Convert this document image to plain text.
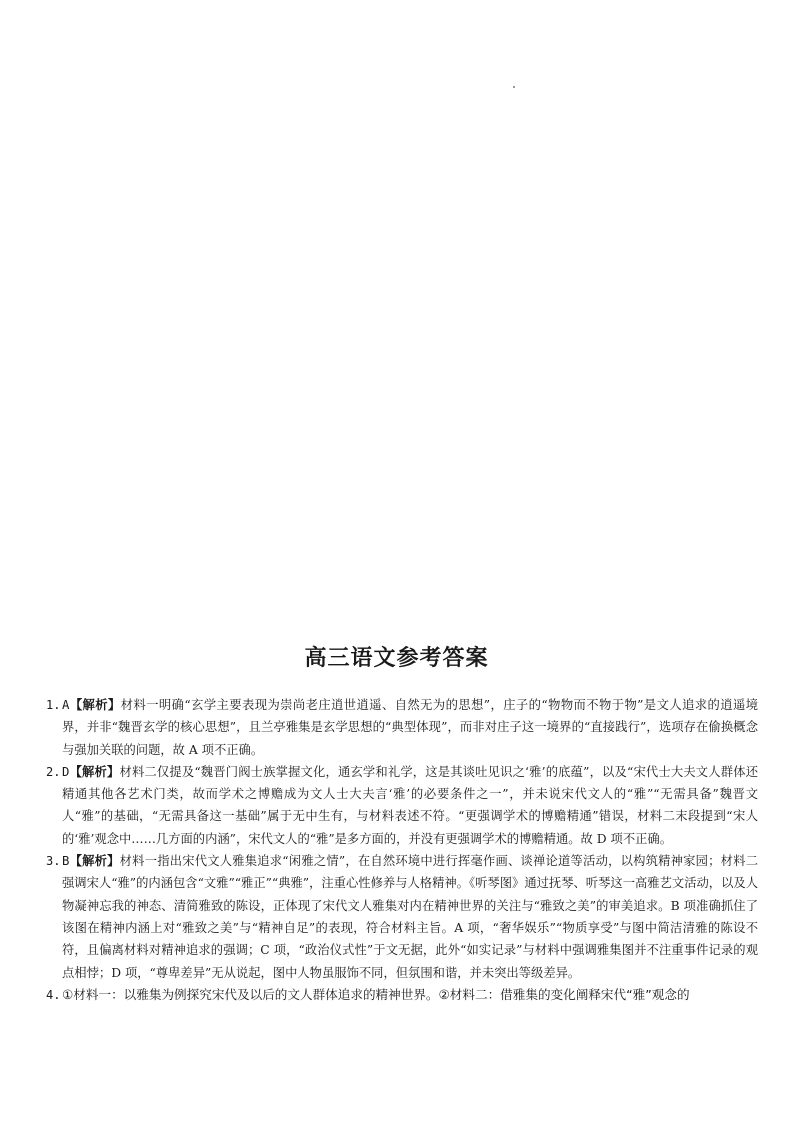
高三语文参考答案
1. A【解析】材料一明确“玄学主要表现为崇尚老庄逍世逍遥、自然无为的思想”，庄子的“物物而不物于物”是文人追求的逍遥境界，并非“魏晋玄学的核心思想”，且兰亭雅集是玄学思想的“典型体现”，而非对庄子这一境界的“直接践行”，选项存在偷换概念与强加关联的问题，故 A 项不正确。
2. D【解析】材料二仅提及“魏晋门阀士族掌握文化，通玄学和礼学，这是其谈吐见识之‘雅’的底蕴”，以及“宋代士大夫文人群体还精通其他各艺术门类，故而学术之博赡成为文人士大夫言‘雅’的必要条件之一”，并未说宋代文人的“雅”“无需具备”魏晋文人“雅”的基础，“无需具备这一基础”属于无中生有，与材料表述不符。“更强调学术的博赡精通”错误，材料二末段提到“宋人的‘雅’观念中……几方面的内涵”，宋代文人的“雅”是多方面的，并没有更强调学术的博赡精通。故 D 项不正确。
3. B【解析】材料一指出宋代文人雅集追求“闲雅之情”，在自然环境中进行挥毫作画、谈禅论道等活动，以构筑精神家园；材料二强调宋人“雅”的内涵包含“文雅”“雅正”“典雅”，注重心性修养与人格精神。《听琴图》通过抚琴、听琴这一高雅艺文活动，以及人物凝神忘我的神态、清简雅致的陈设，正体现了宋代文人雅集对内在精神世界的关注与“雅致之美”的审美追求。B 项准确抓住了该图在精神内涵上对“雅致之美”与“精神自足”的表现，符合材料主旨。A 项，“奢华娱乐”“物质享受”与图中简洁清雅的陈设不符，且偏离材料对精神追求的强调；C 项，“政治仪式性”于文无据，此外“如实记录”与材料中强调雅集图并不注重事件记录的观点相悖；D 项，“尊卑差异”无从说起，图中人物虽服饰不同，但氛围和谐，并未突出等级差异。
4. ①材料一：以雅集为例探究宋代及以后的文人群体追求的精神世界。②材料二：借雅集的变化阐释宋代“雅”观念的
